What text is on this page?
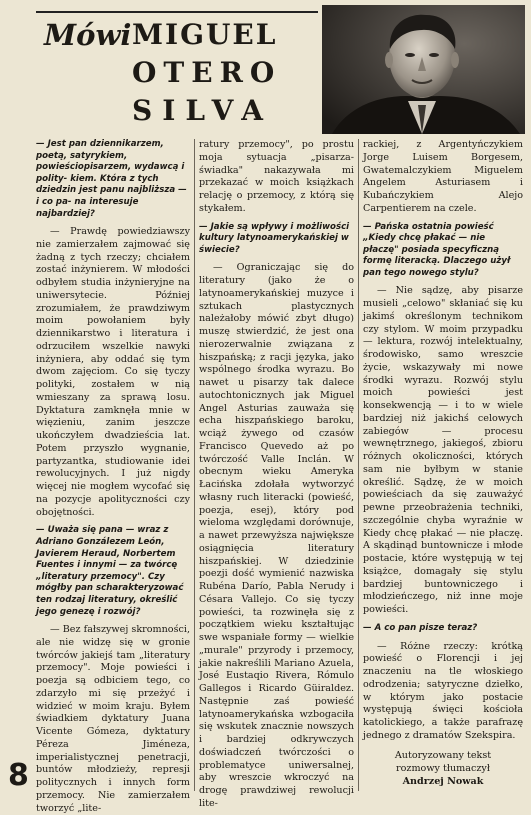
Mówi MIGUEL
OTERO
SILVA

— Jest pan dziennikarzem, poetą, satyrykiem, powieściopisarzem, wydawcą i polity- kiem. Która z tych dziedzin jest panu najbliższa — i co pa- na interesuje najbardziej?

— Prawdę powiedziawszy nie zamierzałem zajmować się żadną z tych rzeczy; chciałem zostać inżynierem. W młodości odbyłem studia inżynieryjne na uniwersytecie. Później zrozumiałem, że prawdziwym moim powołaniem były dziennikarstwo i literatura i odrzuciłem wszelkie nawyki inżyniera, aby oddać się tym dwom zajęciom. Co się tyczy polityki, zostałem w nią wmieszany za sprawą losu. Dyktatura zamknęła mnie w więzieniu, zanim jeszcze ukończyłem dwadzieścia lat. Potem przyszło wygnanie, partyzantka, studiowanie idei rewolucyjnych. I już nigdy więcej nie mogłem wycofać się na pozycje apolityczności czy obojętności.

— Uważa się pana — wraz z Adriano Gonzálezem León, Javierem Heraud, Norbertem Fuentes i innymi — za twórcę „literatury przemocy". Czy mógłby pan scharakteryzować ten rodzaj literatury, określić jego genezę i rozwój?

— Bez fałszywej skromności, ale nie widzę się w gronie twórców jakiejś tam „literatury przemocy". Moje powieści i poezja są odbiciem tego, co zdarzyło mi się przeżyć i widzieć w moim kraju. Byłem świadkiem dyktatury Juana Vicente Gómeza, dyktatury Péreza Jiméneza, imperialistycznej penetracji, buntów młodzieży, represji politycznych i innych form przemocy. Nie zamierzałem tworzyć „lite-

ratury przemocy", po prostu moja sytuacja „pisarza-świadka" nakazywała mi przekazać w moich książkach relację o przemocy, z którą się stykałem.

— Jakie są wpływy i możliwości kultury latynoamerykańskiej w świecie?

— Ograniczając się do literatury (jako że o latynoamerykańskiej muzyce i sztukach plastycznych należałoby mówić zbyt długo) muszę stwierdzić, że jest ona nierozerwalnie związana z hiszpańską; z racji języka, jako wspólnego środka wyrazu. Bo nawet u pisarzy tak dalece autochtonicznych jak Miguel Angel Asturias zauważa się echa hiszpańskiego baroku, wciąż żywego od czasów Francisco Quevedo aż po twórczość Valle Inclán. W obecnym wieku Ameryka Łacińska zdołała wytworzyć własny ruch literacki (powieść, poezja, esej), który pod wieloma względami dorównuje, a nawet przewyższa największe osiągnięcia literatury hiszpańskiej. W dziedzinie poezji dość wymienić nazwiska Rubéna Darío, Pabla Nerudy i Césara Vallejo. Co się tyczy powieści, ta rozwinęła się z początkiem wieku kształtując swe wspaniałe formy — wielkie „murale" przyrody i przemocy, jakie nakreślili Mariano Azuela, José Eustaqio Rivera, Rómulo Gallegos i Ricardo Güiraldez. Następnie zaś powieść latynoamerykańska wzbogaciła się wskutek znacznie nowszych i bardziej odkrywczych doświadczeń twórczości o problematyce uniwersalnej, aby wreszcie wkroczyć na drogę prawdziwej rewolucji lite-

rackiej, z Argentyńczykiem Jorge Luisem Borgesem, Gwatemalczykiem Miguelem Angelem Asturiasem i Kubańczykiem Alejo Carpentierem na czele.

— Pańska ostatnia powieść „Kiedy chcę płakać — nie płaczę" posiada specyficzną formę literacką. Dlaczego użył pan tego nowego stylu?

— Nie sądzę, aby pisarze musieli „celowo" skłaniać się ku jakimś określonym technikom czy stylom. W moim przypadku — lektura, rozwój intelektualny, środowisko, samo wreszcie życie, wskazywały mi nowe środki wyrazu. Rozwój stylu moich powieści jest konsekwencją — i to w wiele bardziej niż jakichś celowych zabiegów — procesu wewnętrznego, jakiegoś, zbioru różnych okoliczności, których sam nie byłbym w stanie określić. Sądzę, że w moich powieściach da się zauważyć pewne przeobrażenia techniki, szczególnie chyba wyraźnie w Kiedy chcę płakać — nie płaczę. A skądinąd buntownicze i młode postacie, które występują w tej książce, domagały się stylu bardziej buntowniczego i młodzieńczego, niż inne moje powieści.

— A co pan pisze teraz?

— Różne rzeczy: krótką powieść o Florencji i jej znaczeniu na tle włoskiego odrodzenia; satyryczne dziełko, w którym jako postacie występują święci kościoła katolickiego, a także parafrazę jednego z dramatów Szekspira.

Autoryzowany tekst
rozmowy tłumaczył
Andrzej Nowak
8
